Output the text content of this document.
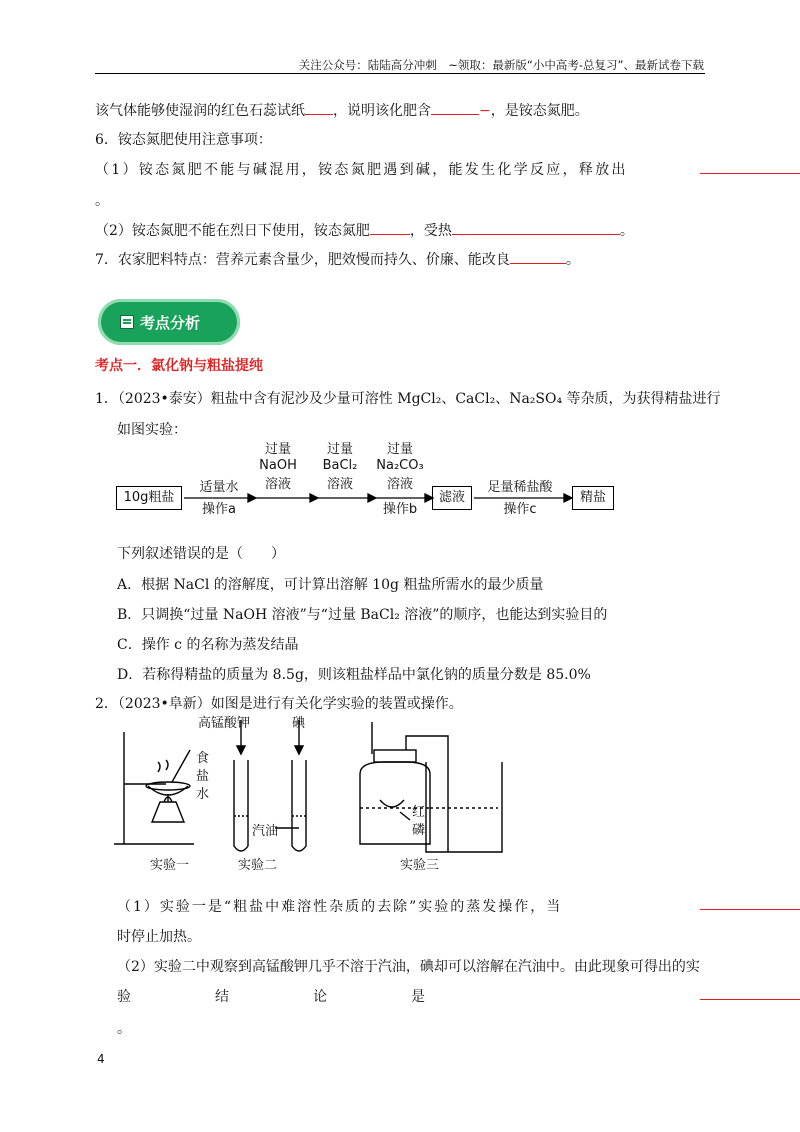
关注公众号：陆陆高分冲刺　~领取：最新版“小中高考-总复习”、最新试卷下载
该气体能够使湿润的红色石蕊试纸 ，说明该化肥含	−，是铵态氮肥。
6．铵态氮肥使用注意事项：
（1）铵态氮肥不能与碱混用，铵态氮肥遇到碱，能发生化学反应，释放出
。
（2）铵态氮肥不能在烈日下使用，铵态氮肥	，受热	。
7．农家肥料特点：营养元素含量少，肥效慢而持久、价廉、能改良	。
考点分析
考点一．氯化钠与粗盐提纯
1．（2023•泰安）粗盐中含有泥沙及少量可溶性 MgCl₂、CaCl₂、Na₂SO₄ 等杂质，为获得精盐进行
如图实验：
10g粗盐
适量水
操作a
过量
NaOH
溶液
过量
BaCl₂
溶液
过量
Na₂CO₃
溶液
操作b
滤液
足量稀盐酸
操作c
精盐
下列叙述错误的是（　　）
A．根据 NaCl 的溶解度，可计算出溶解 10g 粗盐所需水的最少质量
B．只调换“过量 NaOH 溶液”与“过量 BaCl₂ 溶液”的顺序，也能达到实验目的
C．操作 c 的名称为蒸发结晶
D．若称得精盐的质量为 8.5g，则该粗盐样品中氯化钠的质量分数是 85.0%
2．（2023•阜新）如图是进行有关化学实验的装置或操作。
高锰酸钾	碘
食盐水
汽油
红磷
实验一	实验二	实验三
（1）实验一是“粗盐中难溶性杂质的去除”实验的蒸发操作，当
时停止加热。
（2）实验二中观察到高锰酸钾几乎不溶于汽油，碘却可以溶解在汽油中。由此现象可得出的实
验结论是
。
4
